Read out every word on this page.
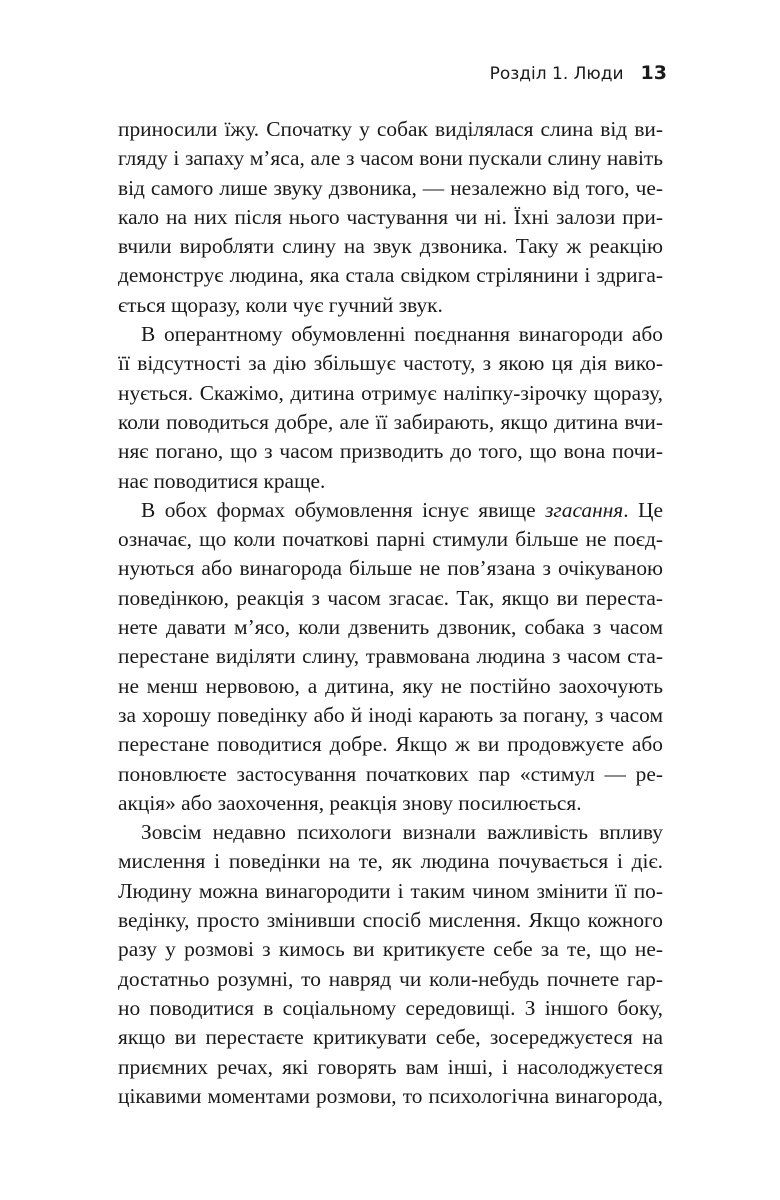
Розділ 1. Люди 13
приносили їжу. Спочатку у собак виділялася слина від ви-
гляду і запаху м’яса, але з часом вони пускали слину навіть
від самого лише звуку дзвоника, — незалежно від того, че-
кало на них після нього частування чи ні. Їхні залози при-
вчили виробляти слину на звук дзвоника. Таку ж реакцію
демонструє людина, яка стала свідком стрілянини і здрига-
ється щоразу, коли чує гучний звук.
В оперантному обумовленні поєднання винагороди або
її відсутності за дію збільшує частоту, з якою ця дія вико-
нується. Скажімо, дитина отримує наліпку-зірочку щоразу,
коли поводиться добре, але її забирають, якщо дитина вчи-
няє погано, що з часом призводить до того, що вона почи-
нає поводитися краще.
В обох формах обумовлення існує явище згасання. Це
означає, що коли початкові парні стимули більше не поєд-
нуються або винагорода більше не пов’язана з очікуваною
поведінкою, реакція з часом згасає. Так, якщо ви переста-
нете давати м’ясо, коли дзвенить дзвоник, собака з часом
перестане виділяти слину, травмована людина з часом ста-
не менш нервовою, а дитина, яку не постійно заохочують
за хорошу поведінку або й іноді карають за погану, з часом
перестане поводитися добре. Якщо ж ви продовжуєте або
поновлюєте застосування початкових пар «стимул — ре-
акція» або заохочення, реакція знову посилюється.
Зовсім недавно психологи визнали важливість впливу
мислення і поведінки на те, як людина почувається і діє.
Людину можна винагородити і таким чином змінити її по-
ведінку, просто змінивши спосіб мислення. Якщо кожного
разу у розмові з кимось ви критикуєте себе за те, що не-
достатньо розумні, то навряд чи коли-небудь почнете гар-
но поводитися в соціальному середовищі. З іншого боку,
якщо ви перестаєте критикувати себе, зосереджуєтеся на
приємних речах, які говорять вам інші, і насолоджуєтеся
цікавими моментами розмови, то психологічна винагорода,
